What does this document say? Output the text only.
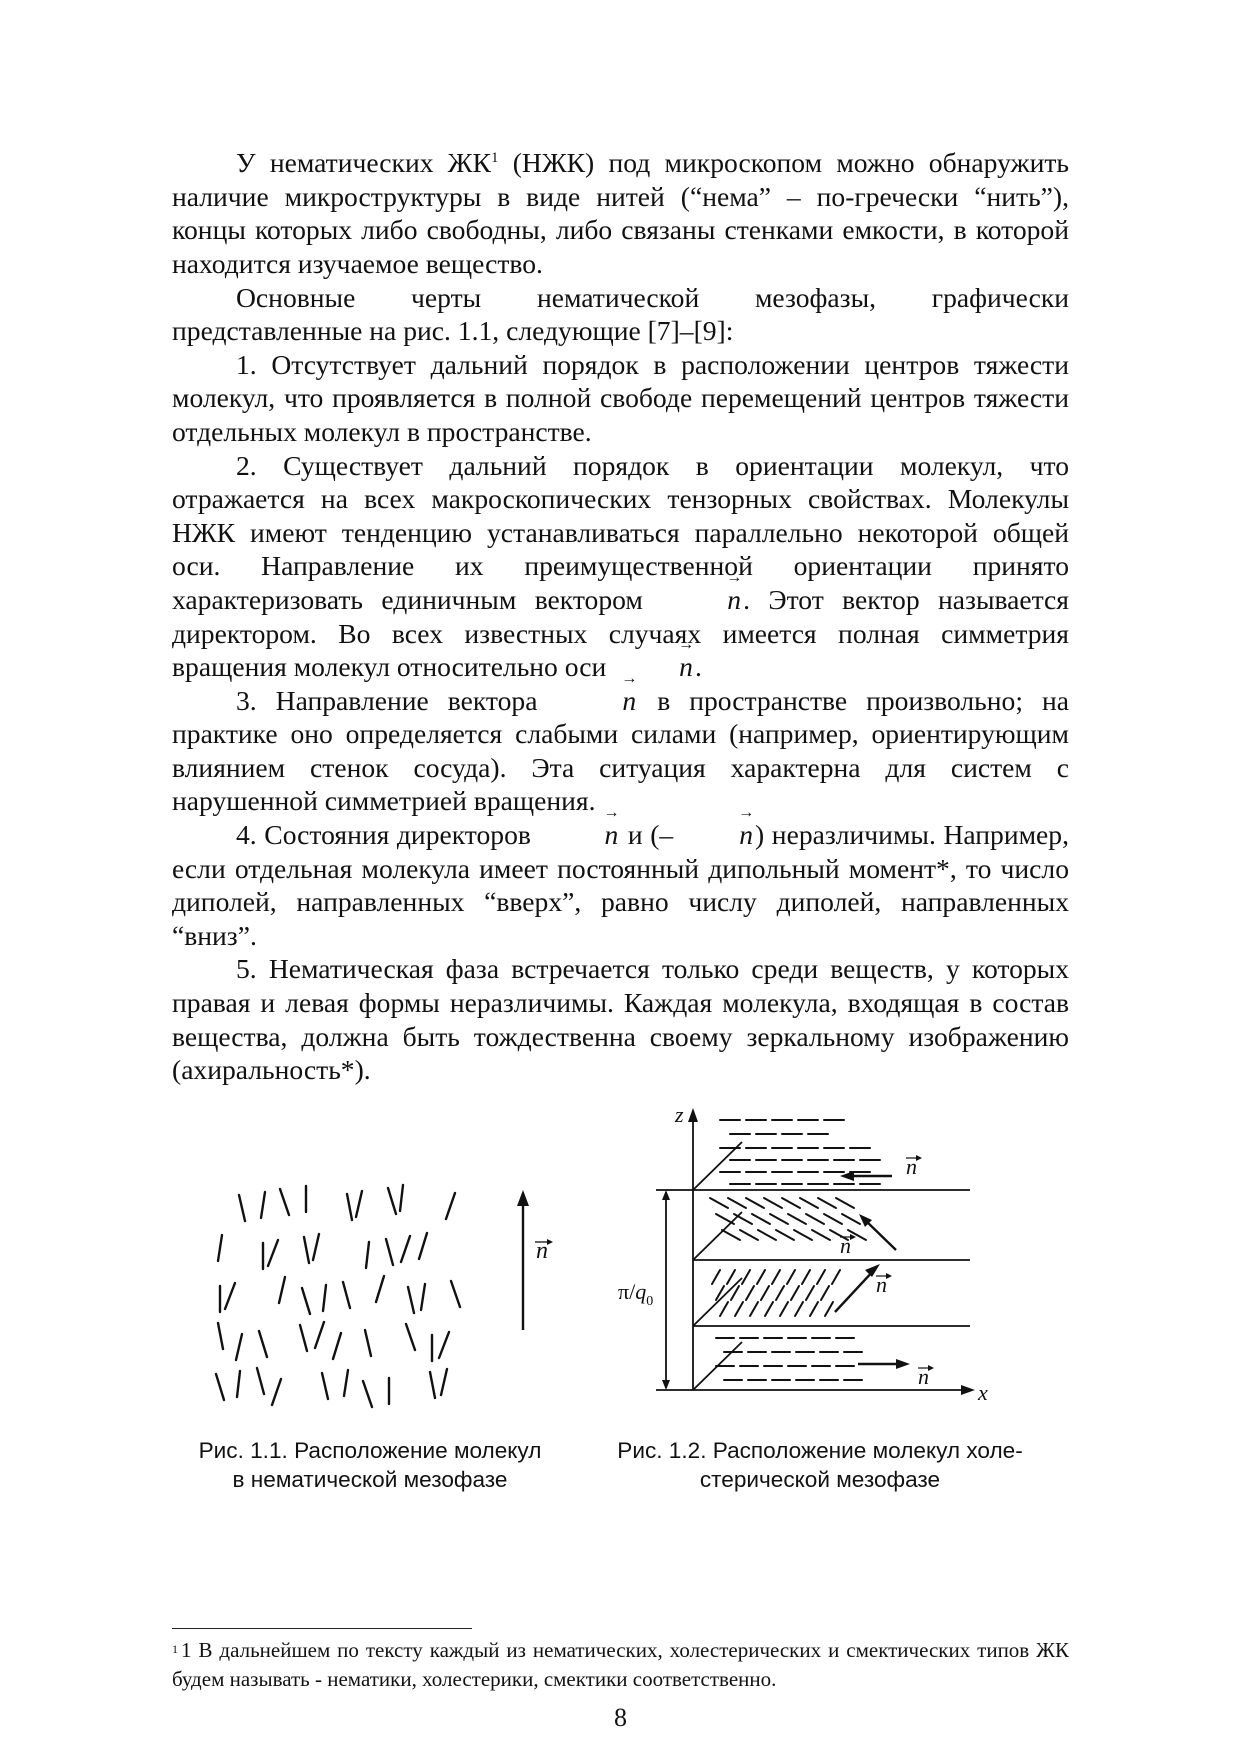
У нематических $ЖК^1$ (НЖК) под микроскопом можно обнаружить наличие микроструктуры в виде нитей (“нема” – по-гречески “нить”), концы которых либо свободны, либо связаны стенками емкости, в которой находится изучаемое вещество.

Основные черты нематической мезофазы, графически представленные на рис. 1.1, следующие [7]–[9]:

1. Отсутствует дальний порядок в расположении центров тяжести молекул, что проявляется в полной свободе перемещений центров тяжести отдельных молекул в пространстве.

2. Существует дальний порядок в ориентации молекул, что отражается на всех макроскопических тензорных свойствах. Молекулы НЖК имеют тенденцию устанавливаться параллельно некоторой общей оси. Направление их преимущественной ориентации принято характеризовать единичным вектором → n. Этот вектор называется директором. Во всех известных случаях имеется полная симметрия вращения молекул относительно оси → n.

3. Направление вектора → n в пространстве произвольно; на практике оно определяется слабыми силами (например, ориентирующим влиянием стенок сосуда). Эта ситуация характерна для систем с нарушенной симметрией вращения.

4. Состояния директоров → n и (– → n) неразличимы. Например, если отдельная молекула имеет постоянный дипольный момент*, то число диполей, направленных “вверх”, равно числу диполей, направленных “вниз”.

5. Нематическая фаза встречается только среди веществ, у которых правая и левая формы неразличимы. Каждая молекула, входящая в состав вещества, должна быть тождественна своему зеркальному изображению (ахиральность*).

n
Рис. 1.1. Расположение молекул
в нематической мезофазе
n
n
n
n
z
x
$\pi/q_0$
Рис. 1.2. Расположение молекул холе-
стерической мезофазе
$^1$ 1 В дальнейшем по тексту каждый из нематических, холестерических и смектических типов ЖК будем называть - нематики, холестерики, смектики соответственно.
8
